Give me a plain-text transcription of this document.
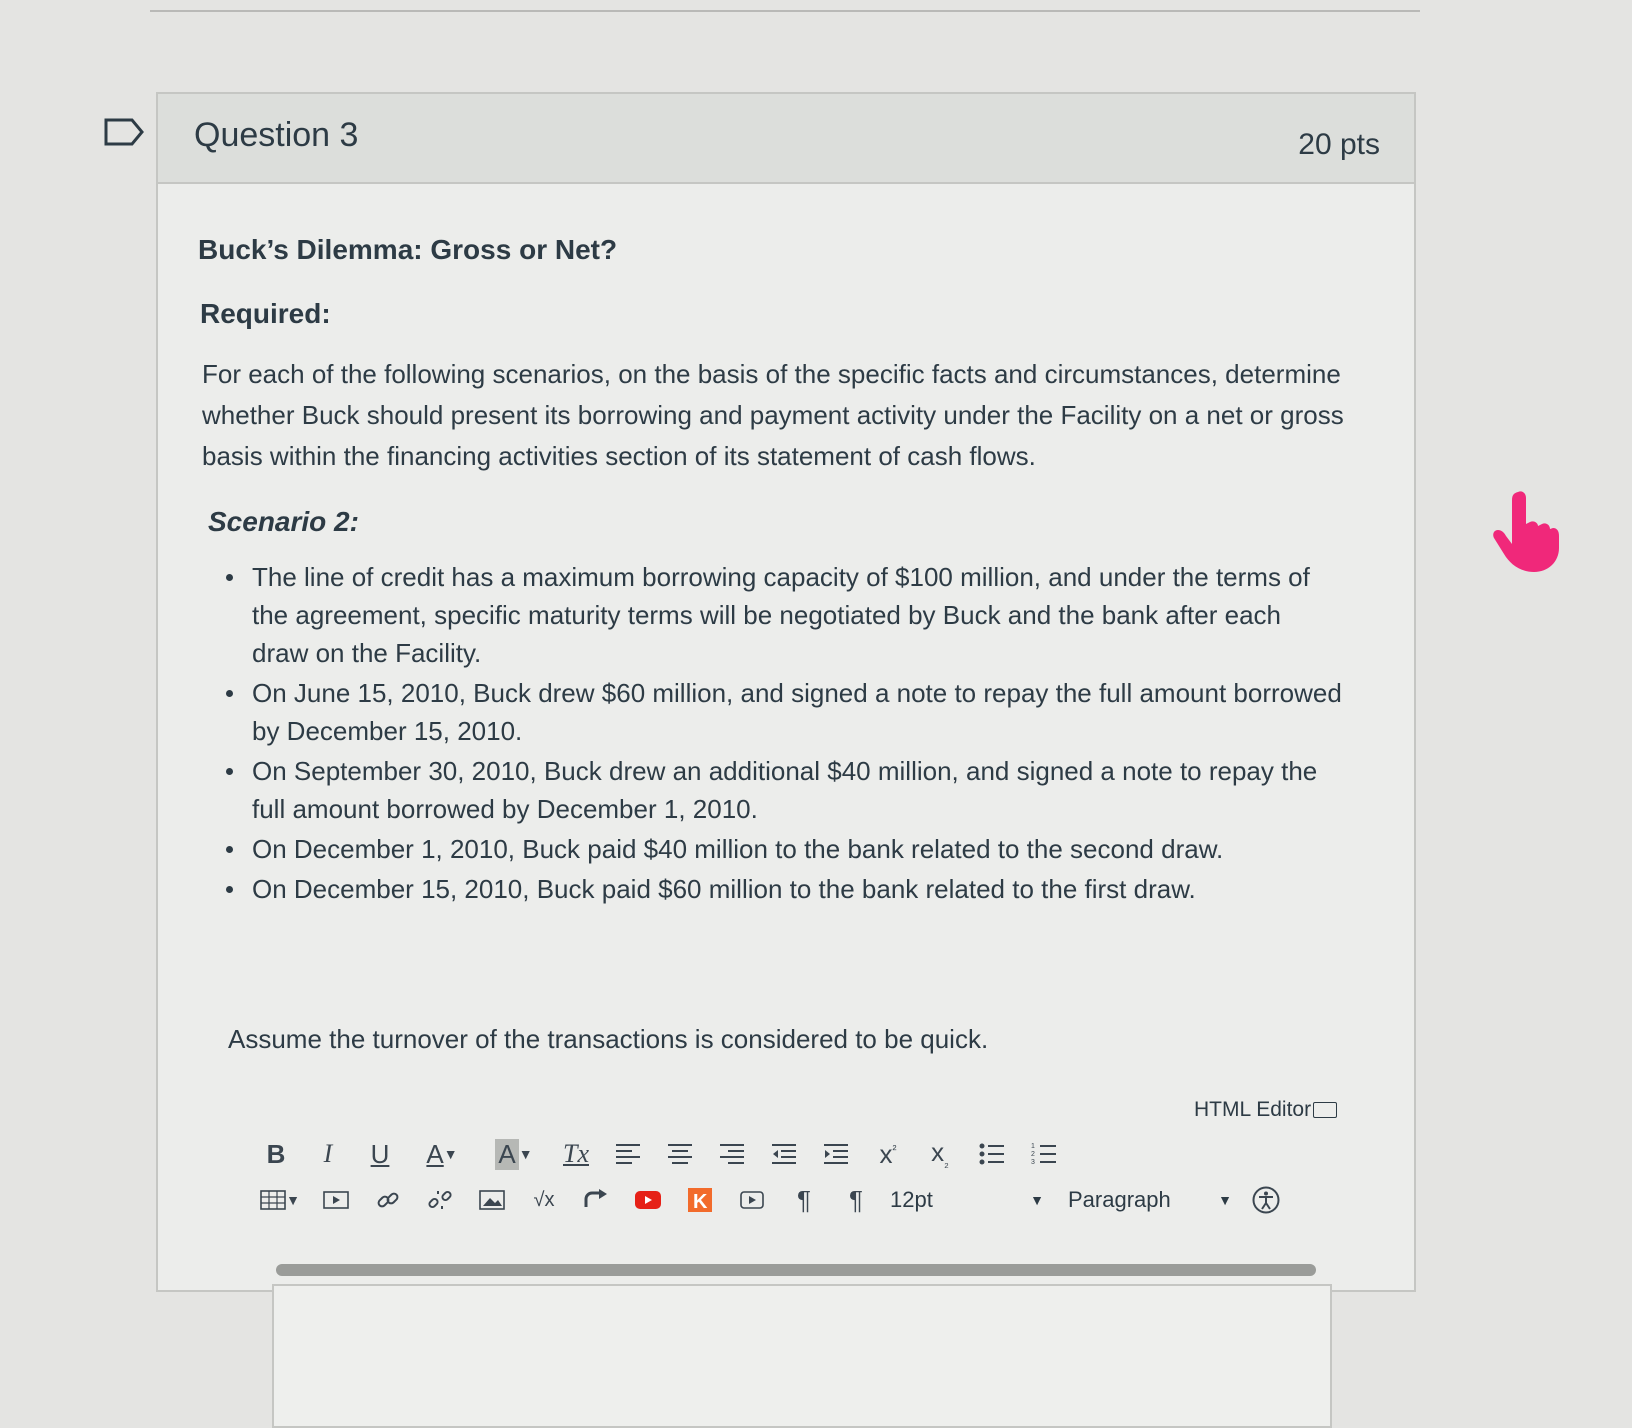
Question 3	20 pts
Buck’s Dilemma: Gross or Net?
Required:
For each of the following scenarios, on the basis of the specific facts and circumstances, determine whether Buck should present its borrowing and payment activity under the Facility on a net or gross basis within the financing activities section of its statement of cash flows.
Scenario 2:
The line of credit has a maximum borrowing capacity of $100 million, and under the terms of the agreement, specific maturity terms will be negotiated by Buck and the bank after each draw on the Facility.
On June 15, 2010, Buck drew $60 million, and signed a note to repay the full amount borrowed by December 15, 2010.
On September 30, 2010, Buck drew an additional $40 million, and signed a note to repay the full amount borrowed by December 1, 2010.
On December 1, 2010, Buck paid $40 million to the bank related to the second draw.
On December 15, 2010, Buck paid $60 million to the bank related to the first draw.
Assume the turnover of the transactions is considered to be quick.
HTML Editor
B I U A ▼ A ▼ Tx	$x^{^2}$ $x_{_2}$
1
2
3
▼	√x	K	¶ ¶ 12pt	▼ Paragraph	▼
